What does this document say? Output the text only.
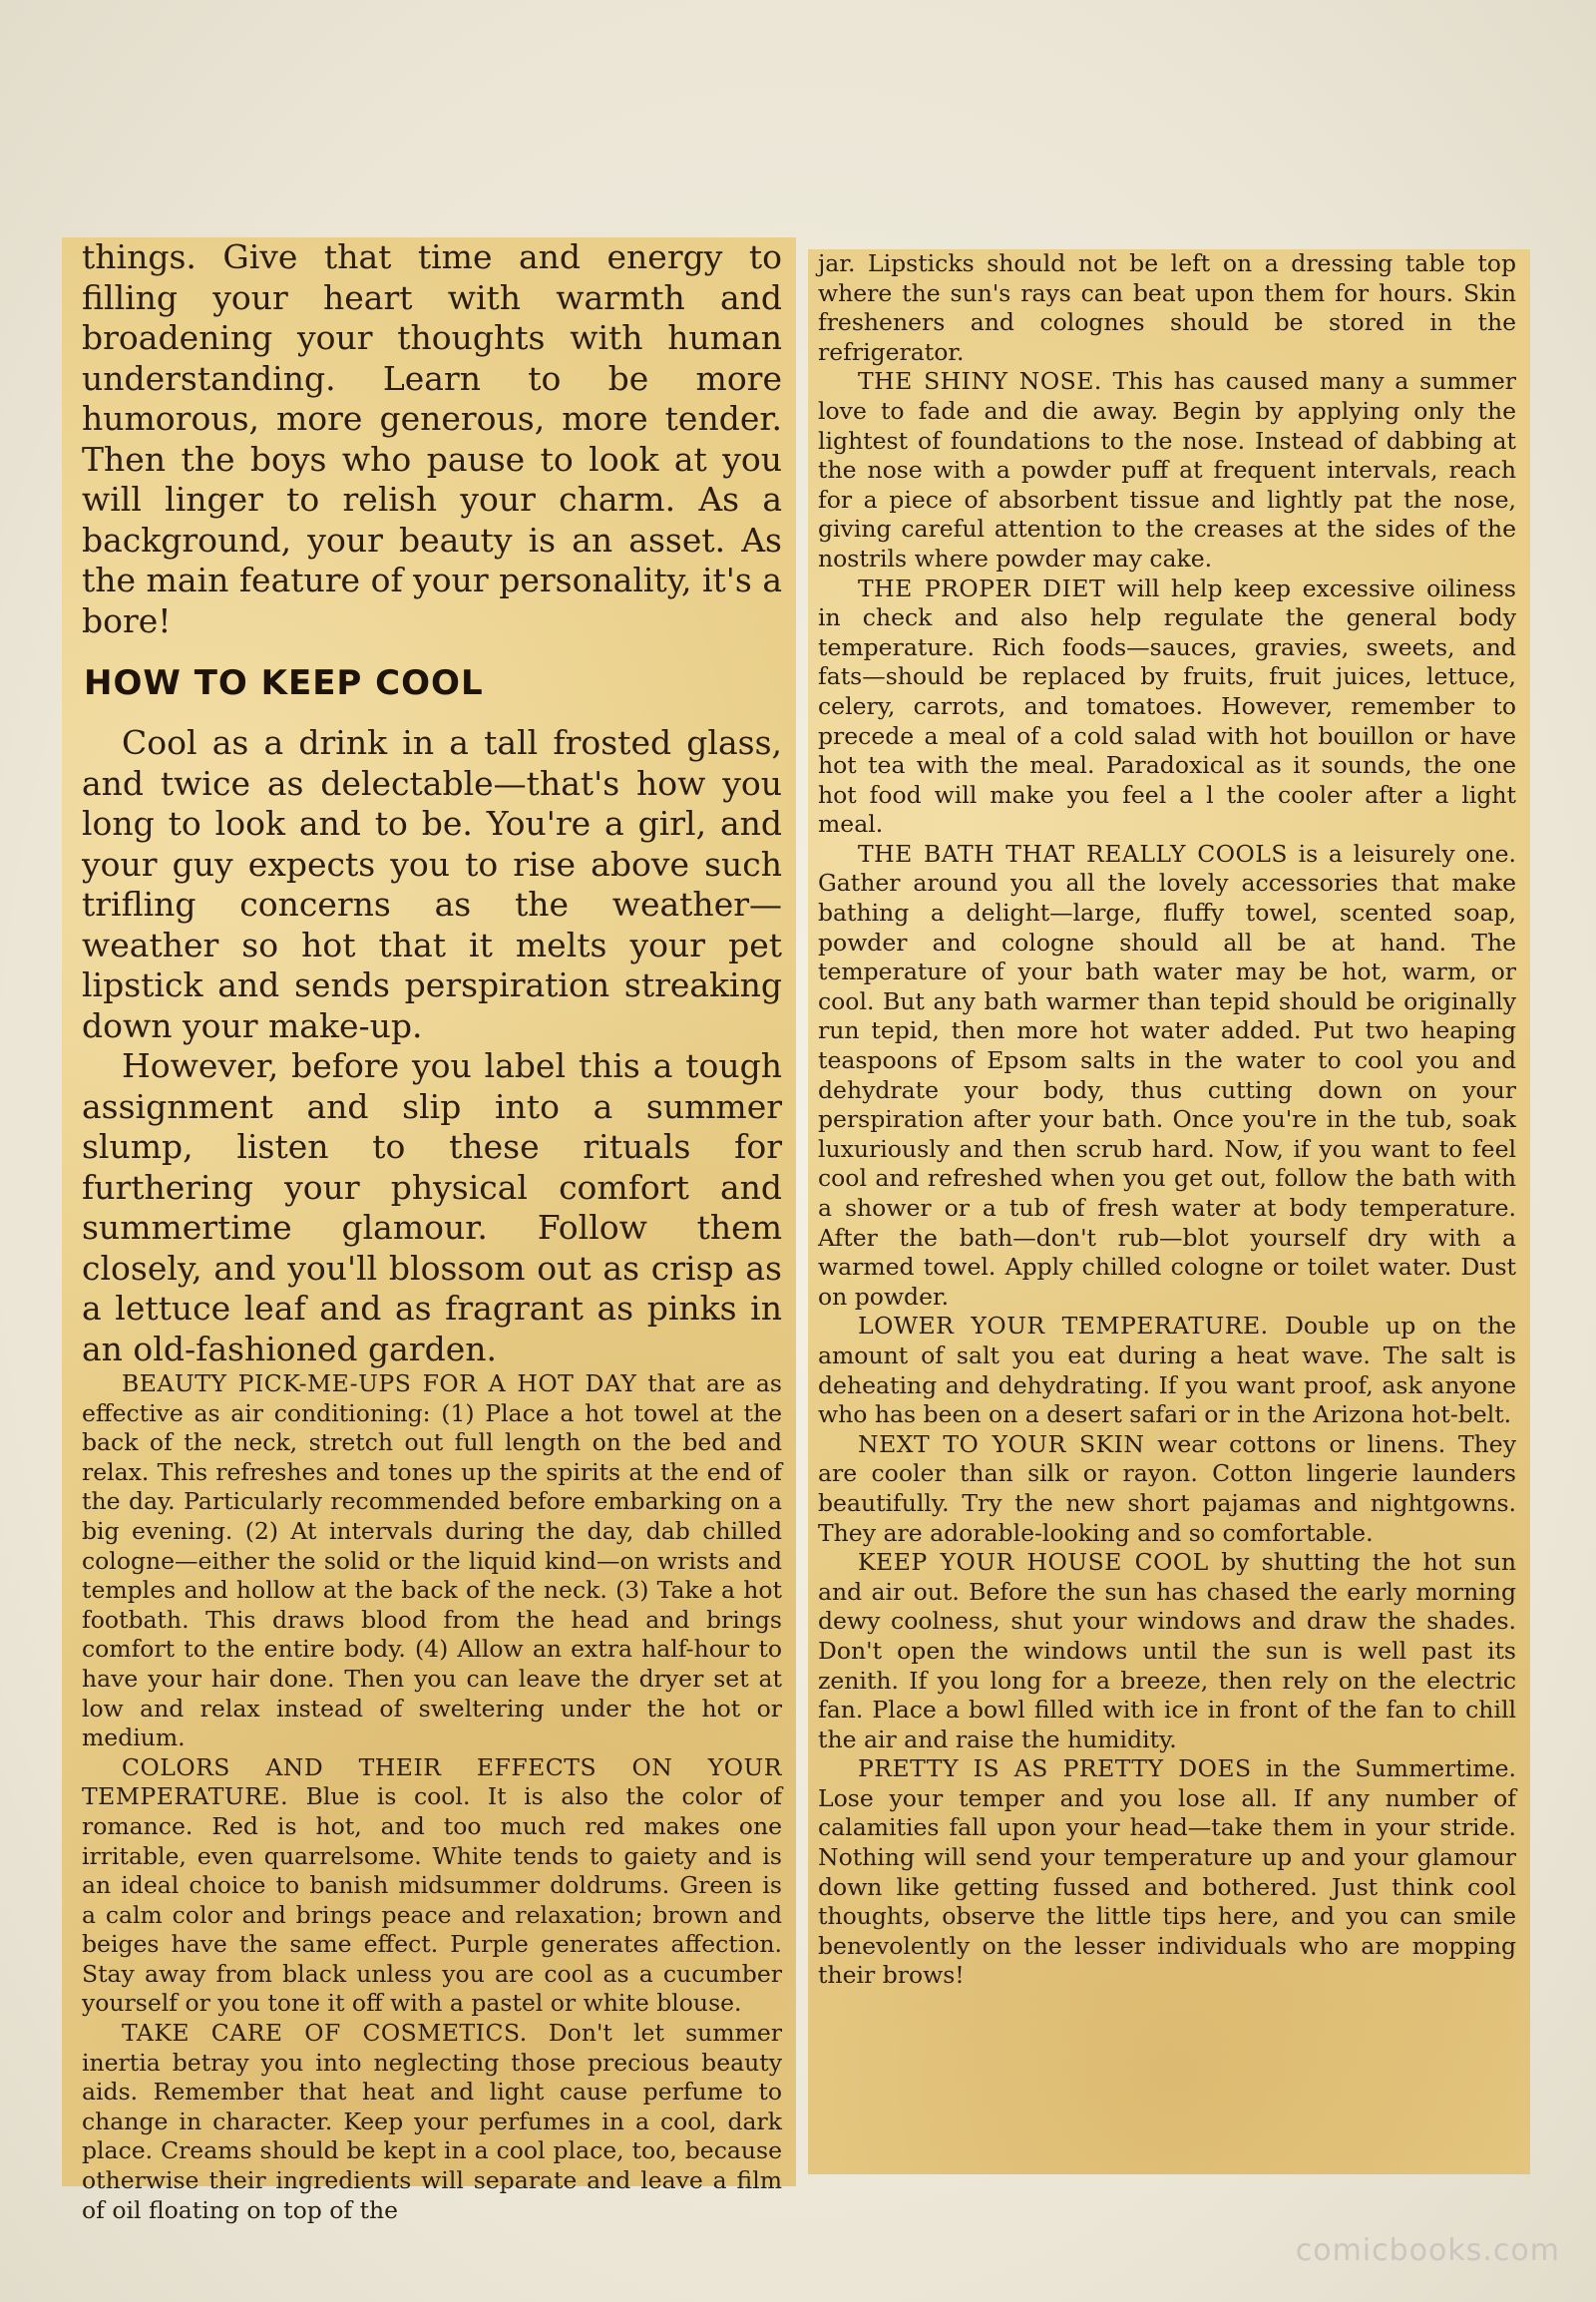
things. Give that time and energy to filling your heart with warmth and broadening your thoughts with human understanding. Learn to be more humorous, more generous, more tender. Then the boys who pause to look at you will linger to relish your charm. As a background, your beauty is an asset. As the main feature of your personality, it's a bore!

HOW TO KEEP COOL

Cool as a drink in a tall frosted glass, and twice as delectable—that's how you long to look and to be. You're a girl, and your guy expects you to rise above such trifling concerns as the weather—weather so hot that it melts your pet lipstick and sends perspiration streaking down your make-up.

However, before you label this a tough assignment and slip into a summer slump, listen to these rituals for furthering your physical comfort and summertime glamour. Follow them closely, and you'll blossom out as crisp as a lettuce leaf and as fragrant as pinks in an old-fashioned garden.

BEAUTY PICK-ME-UPS FOR A HOT DAY that are as effective as air conditioning: (1) Place a hot towel at the back of the neck, stretch out full length on the bed and relax. This refreshes and tones up the spirits at the end of the day. Particularly recommended before embarking on a big evening. (2) At intervals during the day, dab chilled cologne—either the solid or the liquid kind—on wrists and temples and hollow at the back of the neck. (3) Take a hot footbath. This draws blood from the head and brings comfort to the entire body. (4) Allow an extra half-hour to have your hair done. Then you can leave the dryer set at low and relax instead of sweltering under the hot or medium.

COLORS AND THEIR EFFECTS ON YOUR TEMPERATURE. Blue is cool. It is also the color of romance. Red is hot, and too much red makes one irritable, even quarrelsome. White tends to gaiety and is an ideal choice to banish midsummer doldrums. Green is a calm color and brings peace and relaxation; brown and beiges have the same effect. Purple generates affection. Stay away from black unless you are cool as a cucumber yourself or you tone it off with a pastel or white blouse.

TAKE CARE OF COSMETICS. Don't let summer inertia betray you into neglecting those precious beauty aids. Remember that heat and light cause perfume to change in character. Keep your perfumes in a cool, dark place. Creams should be kept in a cool place, too, because otherwise their ingredients will separate and leave a film of oil floating on top of the

jar. Lipsticks should not be left on a dressing table top where the sun's rays can beat upon them for hours. Skin fresheners and colognes should be stored in the refrigerator.

THE SHINY NOSE. This has caused many a summer love to fade and die away. Begin by applying only the lightest of foundations to the nose. Instead of dabbing at the nose with a powder puff at frequent intervals, reach for a piece of absorbent tissue and lightly pat the nose, giving careful attention to the creases at the sides of the nostrils where powder may cake.

THE PROPER DIET will help keep excessive oiliness in check and also help regulate the general body temperature. Rich foods—sauces, gravies, sweets, and fats—should be replaced by fruits, fruit juices, lettuce, celery, carrots, and tomatoes. However, remember to precede a meal of a cold salad with hot bouillon or have hot tea with the meal. Paradoxical as it sounds, the one hot food will make you feel a l the cooler after a light meal.

THE BATH THAT REALLY COOLS is a leisurely one. Gather around you all the lovely accessories that make bathing a delight—large, fluffy towel, scented soap, powder and cologne should all be at hand. The temperature of your bath water may be hot, warm, or cool. But any bath warmer than tepid should be originally run tepid, then more hot water added. Put two heaping teaspoons of Epsom salts in the water to cool you and dehydrate your body, thus cutting down on your perspiration after your bath. Once you're in the tub, soak luxuriously and then scrub hard. Now, if you want to feel cool and refreshed when you get out, follow the bath with a shower or a tub of fresh water at body temperature. After the bath—don't rub—blot yourself dry with a warmed towel. Apply chilled cologne or toilet water. Dust on powder.

LOWER YOUR TEMPERATURE. Double up on the amount of salt you eat during a heat wave. The salt is deheating and dehydrating. If you want proof, ask anyone who has been on a desert safari or in the Arizona hot-belt.

NEXT TO YOUR SKIN wear cottons or linens. They are cooler than silk or rayon. Cotton lingerie launders beautifully. Try the new short pajamas and nightgowns. They are adorable-looking and so comfortable.

KEEP YOUR HOUSE COOL by shutting the hot sun and air out. Before the sun has chased the early morning dewy coolness, shut your windows and draw the shades. Don't open the windows until the sun is well past its zenith. If you long for a breeze, then rely on the electric fan. Place a bowl filled with ice in front of the fan to chill the air and raise the humidity.

PRETTY IS AS PRETTY DOES in the Summertime. Lose your temper and you lose all. If any number of calamities fall upon your head—take them in your stride. Nothing will send your temperature up and your glamour down like getting fussed and bothered. Just think cool thoughts, observe the little tips here, and you can smile benevolently on the lesser individuals who are mopping their brows!

comicbooks.com
